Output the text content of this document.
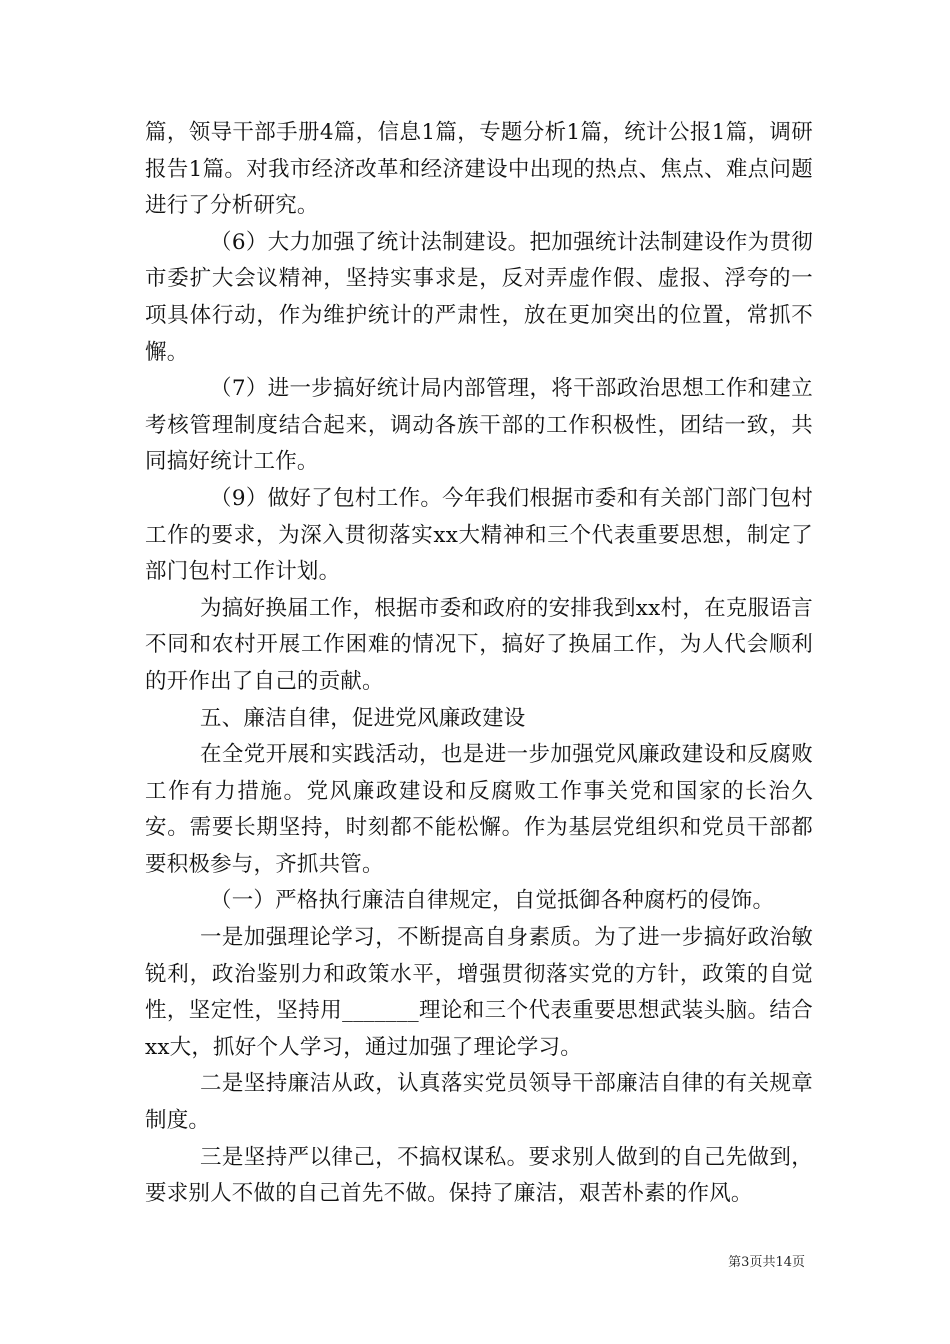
篇，领导干部手册4篇，信息1篇，专题分析1篇，统计公报1篇，调研报告1篇。对我市经济改革和经济建设中出现的热点、焦点、难点问题进行了分析研究。

（6）大力加强了统计法制建设。把加强统计法制建设作为贯彻市委扩大会议精神，坚持实事求是，反对弄虚作假、虚报、浮夸的一项具体行动，作为维护统计的严肃性，放在更加突出的位置，常抓不懈。

（7）进一步搞好统计局内部管理，将干部政治思想工作和建立考核管理制度结合起来，调动各族干部的工作积极性，团结一致，共同搞好统计工作。

（9）做好了包村工作。今年我们根据市委和有关部门部门包村工作的要求，为深入贯彻落实xx大精神和三个代表重要思想，制定了部门包村工作计划。

为搞好换届工作，根据市委和政府的安排我到xx村，在克服语言不同和农村开展工作困难的情况下，搞好了换届工作，为人代会顺利的开作出了自己的贡献。

五、廉洁自律，促进党风廉政建设

在全党开展和实践活动，也是进一步加强党风廉政建设和反腐败工作有力措施。党风廉政建设和反腐败工作事关党和国家的长治久安。需要长期坚持，时刻都不能松懈。作为基层党组织和党员干部都要积极参与，齐抓共管。

（一）严格执行廉洁自律规定，自觉抵御各种腐朽的侵饰。

一是加强理论学习，不断提高自身素质。为了进一步搞好政治敏锐利，政治鉴别力和政策水平，增强贯彻落实党的方针，政策的自觉性，坚定性，坚持用_______理论和三个代表重要思想武装头脑。结合xx大，抓好个人学习，通过加强了理论学习。

二是坚持廉洁从政，认真落实党员领导干部廉洁自律的有关规章制度。

三是坚持严以律己，不搞权谋私。要求别人做到的自己先做到，要求别人不做的自己首先不做。保持了廉洁，艰苦朴素的作风。

第3页共14页
